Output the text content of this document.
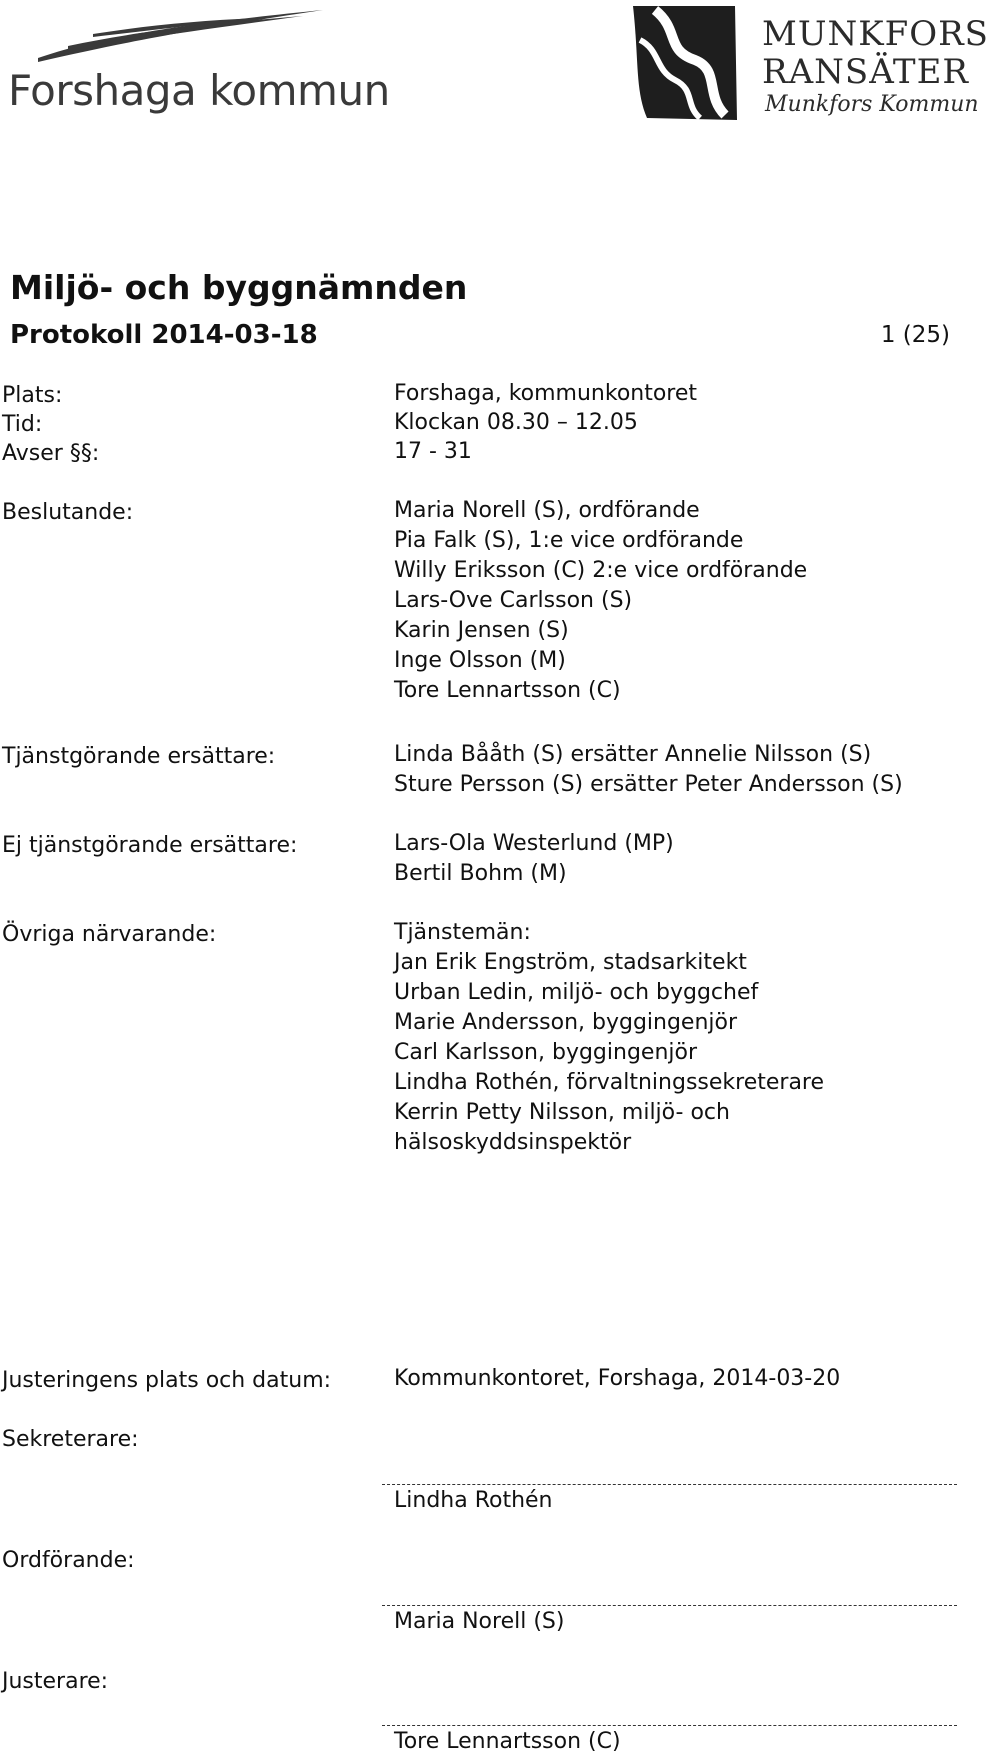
Forshaga kommun
MUNKFORS
RANSÄTER
Munkfors Kommun
Miljö- och byggnämnden
Protokoll 2014-03-18	1 (25)
Plats:	Forshaga, kommunkontoret
Tid:	Klockan 08.30 – 12.05
Avser §§:	17 - 31
Beslutande:	Maria Norell (S), ordförande
Pia Falk (S), 1:e vice ordförande
Willy Eriksson (C) 2:e vice ordförande
Lars-Ove Carlsson (S)
Karin Jensen (S)
Inge Olsson (M)
Tore Lennartsson (C)
Tjänstgörande ersättare:	Linda Bååth (S) ersätter Annelie Nilsson (S)
Sture Persson (S) ersätter Peter Andersson (S)
Ej tjänstgörande ersättare:	Lars-Ola Westerlund (MP)
Bertil Bohm (M)
Övriga närvarande:	Tjänstemän:
Jan Erik Engström, stadsarkitekt
Urban Ledin, miljö- och byggchef
Marie Andersson, byggingenjör
Carl Karlsson, byggingenjör
Lindha Rothén, förvaltningssekreterare
Kerrin Petty Nilsson, miljö- och
hälsoskyddsinspektör
Justeringens plats och datum:	Kommunkontoret, Forshaga, 2014-03-20
Sekreterare:
Lindha Rothén
Ordförande:
Maria Norell (S)
Justerare:
Tore Lennartsson (C)
